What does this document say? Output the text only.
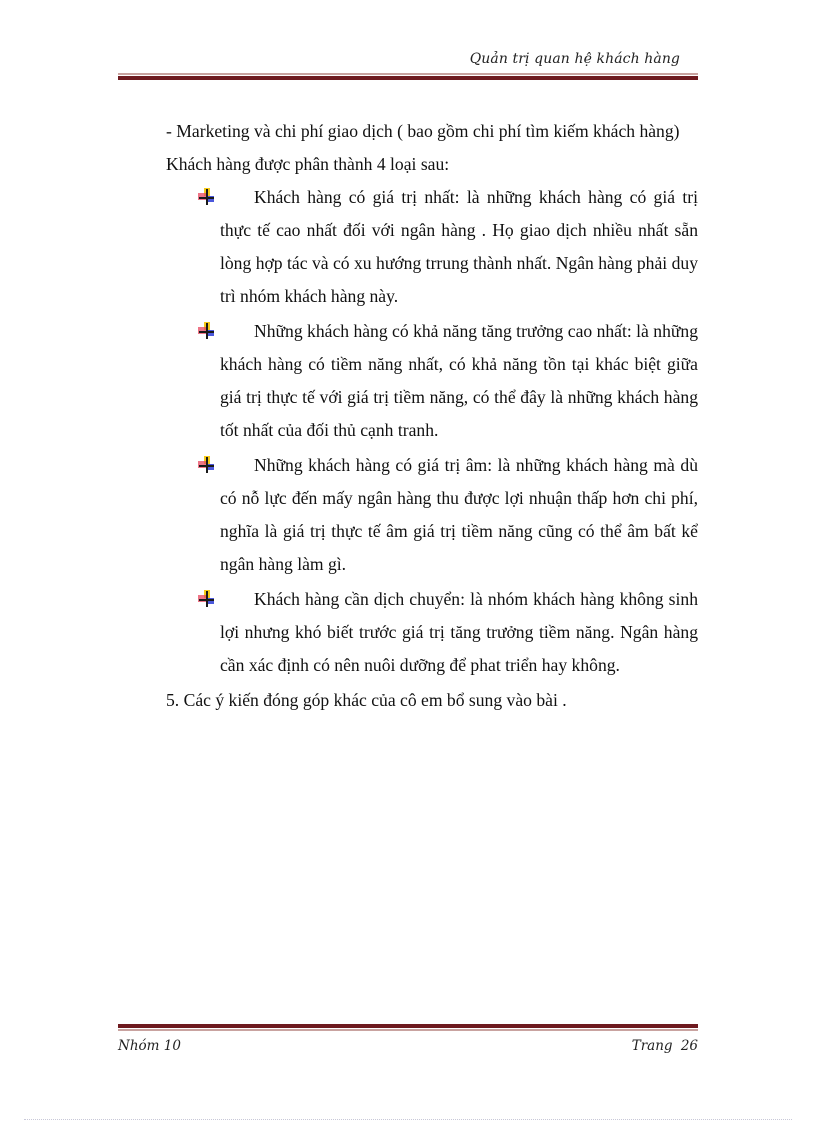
Quản trị quan hệ khách hàng

- Marketing và chi phí giao dịch ( bao gồm chi phí tìm kiếm khách hàng)

Khách hàng được phân thành 4 loại sau:

Khách hàng có giá trị nhất: là những khách hàng có giá trị thực tế cao nhất đối với ngân hàng . Họ giao dịch nhiều nhất sẵn lòng hợp tác và có xu hướng trrung thành nhất. Ngân hàng phải duy trì nhóm khách hàng này.
Những khách hàng có khả năng tăng trưởng cao nhất: là những khách hàng có tiềm năng nhất, có khả năng tồn tại khác biệt giữa giá trị thực tế với giá trị tiềm năng, có thể đây là những khách hàng tốt nhất của đối thủ cạnh tranh.
Những khách hàng có giá trị âm: là những khách hàng mà dù có nỗ lực đến mấy ngân hàng thu được lợi nhuận thấp hơn chi phí, nghĩa là giá trị thực tế âm giá trị tiềm năng cũng có thể âm bất kể ngân hàng làm gì.
Khách hàng cần dịch chuyển: là nhóm khách hàng không sinh lợi nhưng khó biết trước giá trị tăng trưởng tiềm năng. Ngân hàng cần xác định có nên nuôi dưỡng để phat triển hay không.

5. Các ý kiến đóng góp khác của cô em bổ sung vào bài .

Nhóm 10	Trang 26
